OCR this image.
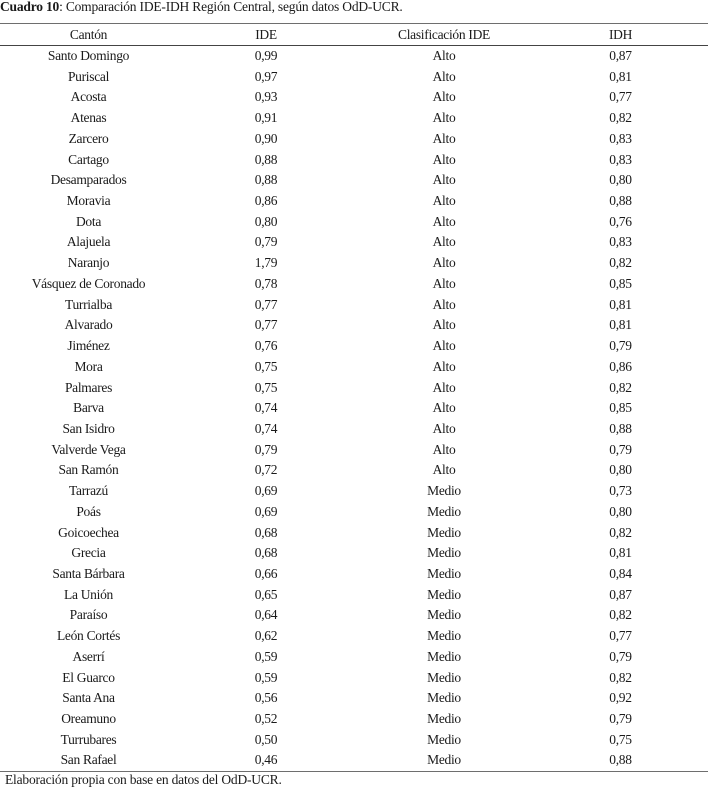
Cuadro 10: Comparación IDE-IDH Región Central, según datos OdD-UCR.
Cantón	IDE	Clasificación IDE	IDH
Santo Domingo	0,99	Alto	0,87
Puriscal	0,97	Alto	0,81
Acosta	0,93	Alto	0,77
Atenas	0,91	Alto	0,82
Zarcero	0,90	Alto	0,83
Cartago	0,88	Alto	0,83
Desamparados	0,88	Alto	0,80
Moravia	0,86	Alto	0,88
Dota	0,80	Alto	0,76
Alajuela	0,79	Alto	0,83
Naranjo	1,79	Alto	0,82
Vásquez de Coronado	0,78	Alto	0,85
Turrialba	0,77	Alto	0,81
Alvarado	0,77	Alto	0,81
Jiménez	0,76	Alto	0,79
Mora	0,75	Alto	0,86
Palmares	0,75	Alto	0,82
Barva	0,74	Alto	0,85
San Isidro	0,74	Alto	0,88
Valverde Vega	0,79	Alto	0,79
San Ramón	0,72	Alto	0,80
Tarrazú	0,69	Medio	0,73
Poás	0,69	Medio	0,80
Goicoechea	0,68	Medio	0,82
Grecia	0,68	Medio	0,81
Santa Bárbara	0,66	Medio	0,84
La Unión	0,65	Medio	0,87
Paraíso	0,64	Medio	0,82
León Cortés	0,62	Medio	0,77
Aserrí	0,59	Medio	0,79
El Guarco	0,59	Medio	0,82
Santa Ana	0,56	Medio	0,92
Oreamuno	0,52	Medio	0,79
Turrubares	0,50	Medio	0,75
San Rafael	0,46	Medio	0,88
Elaboración propia con base en datos del OdD-UCR.
